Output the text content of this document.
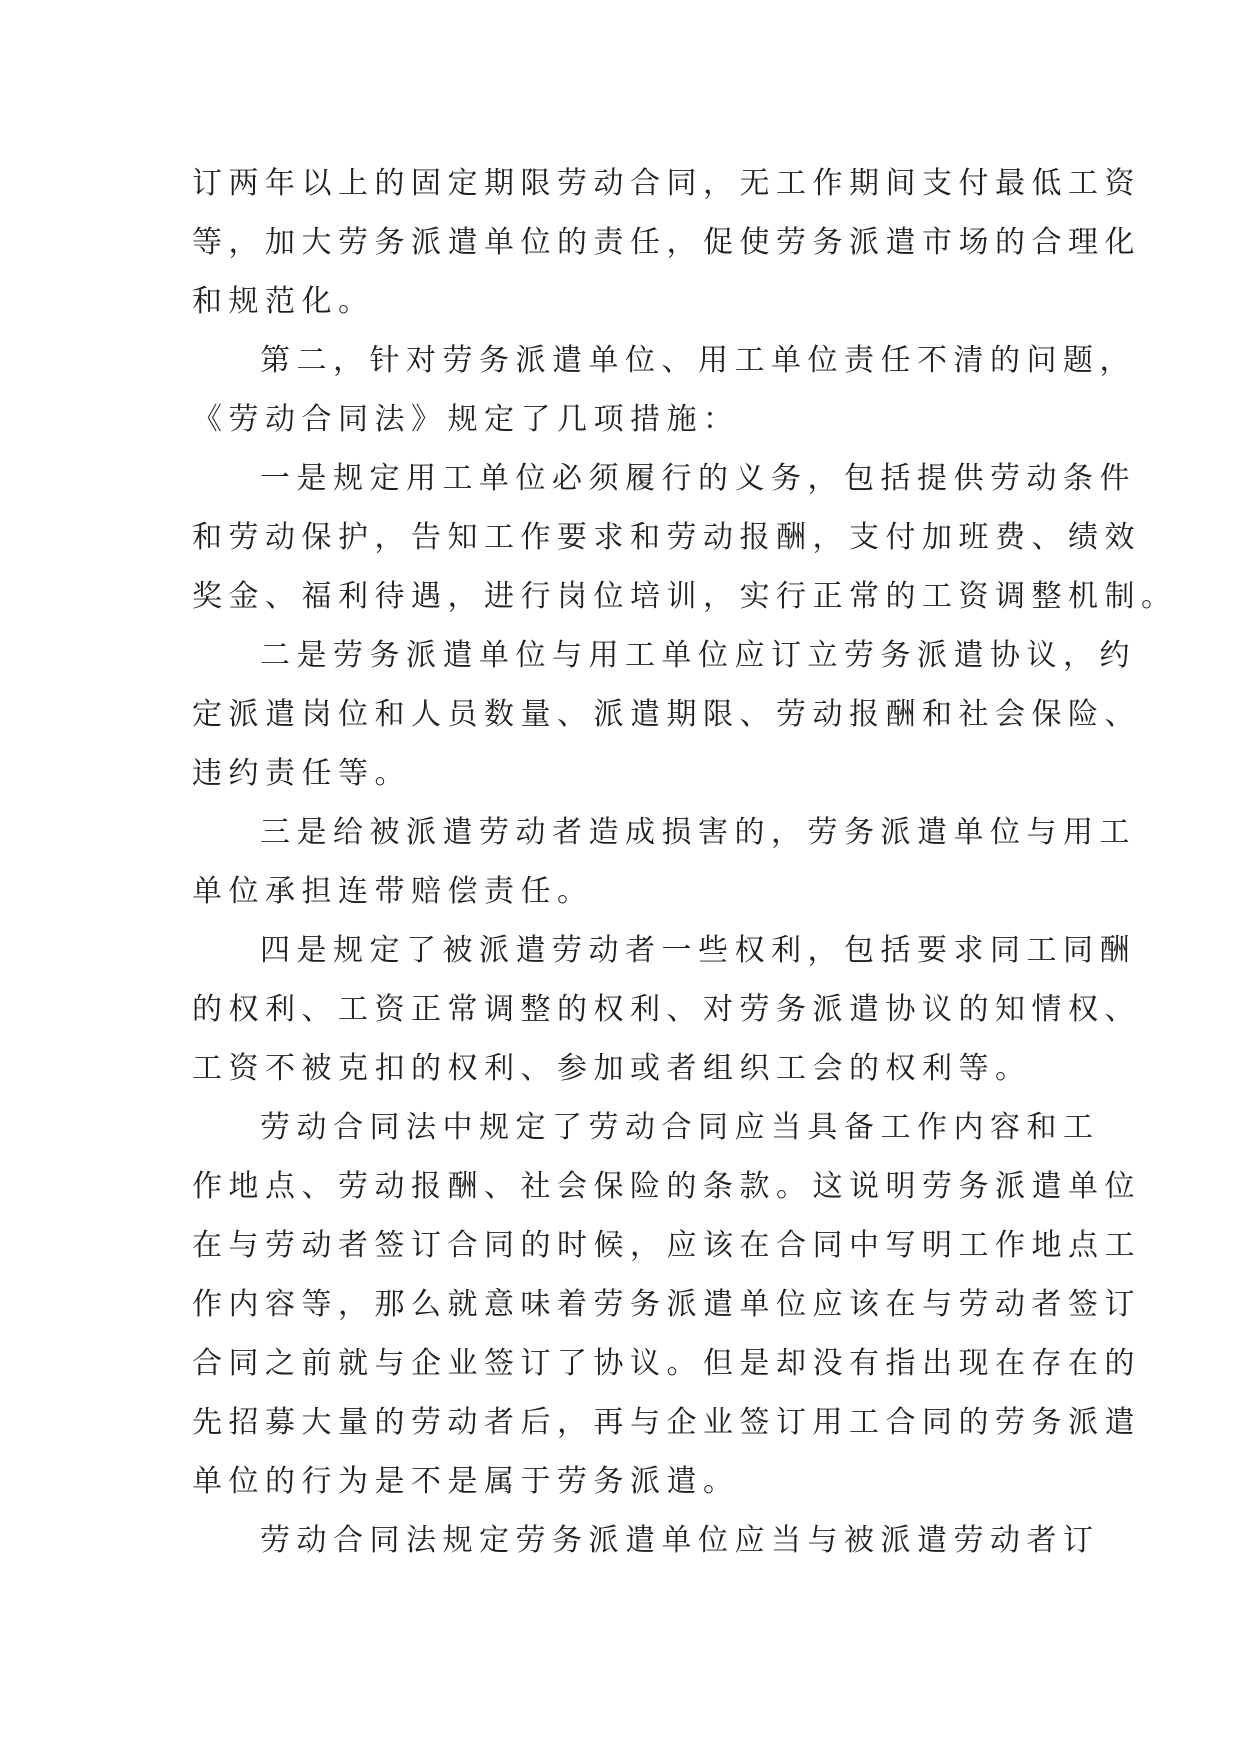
订两年以上的固定期限劳动合同，无工作期间支付最低工资
等，加大劳务派遣单位的责任，促使劳务派遣市场的合理化
和规范化。
第二，针对劳务派遣单位、用工单位责任不清的问题，
《劳动合同法》规定了几项措施：
一是规定用工单位必须履行的义务，包括提供劳动条件
和劳动保护，告知工作要求和劳动报酬，支付加班费、绩效
奖金、福利待遇，进行岗位培训，实行正常的工资调整机制。
二是劳务派遣单位与用工单位应订立劳务派遣协议，约
定派遣岗位和人员数量、派遣期限、劳动报酬和社会保险、
违约责任等。
三是给被派遣劳动者造成损害的，劳务派遣单位与用工
单位承担连带赔偿责任。
四是规定了被派遣劳动者一些权利，包括要求同工同酬
的权利、工资正常调整的权利、对劳务派遣协议的知情权、
工资不被克扣的权利、参加或者组织工会的权利等。
劳动合同法中规定了劳动合同应当具备工作内容和工
作地点、劳动报酬、社会保险的条款。这说明劳务派遣单位
在与劳动者签订合同的时候，应该在合同中写明工作地点工
作内容等，那么就意味着劳务派遣单位应该在与劳动者签订
合同之前就与企业签订了协议。但是却没有指出现在存在的
先招募大量的劳动者后，再与企业签订用工合同的劳务派遣
单位的行为是不是属于劳务派遣。
劳动合同法规定劳务派遣单位应当与被派遣劳动者订
